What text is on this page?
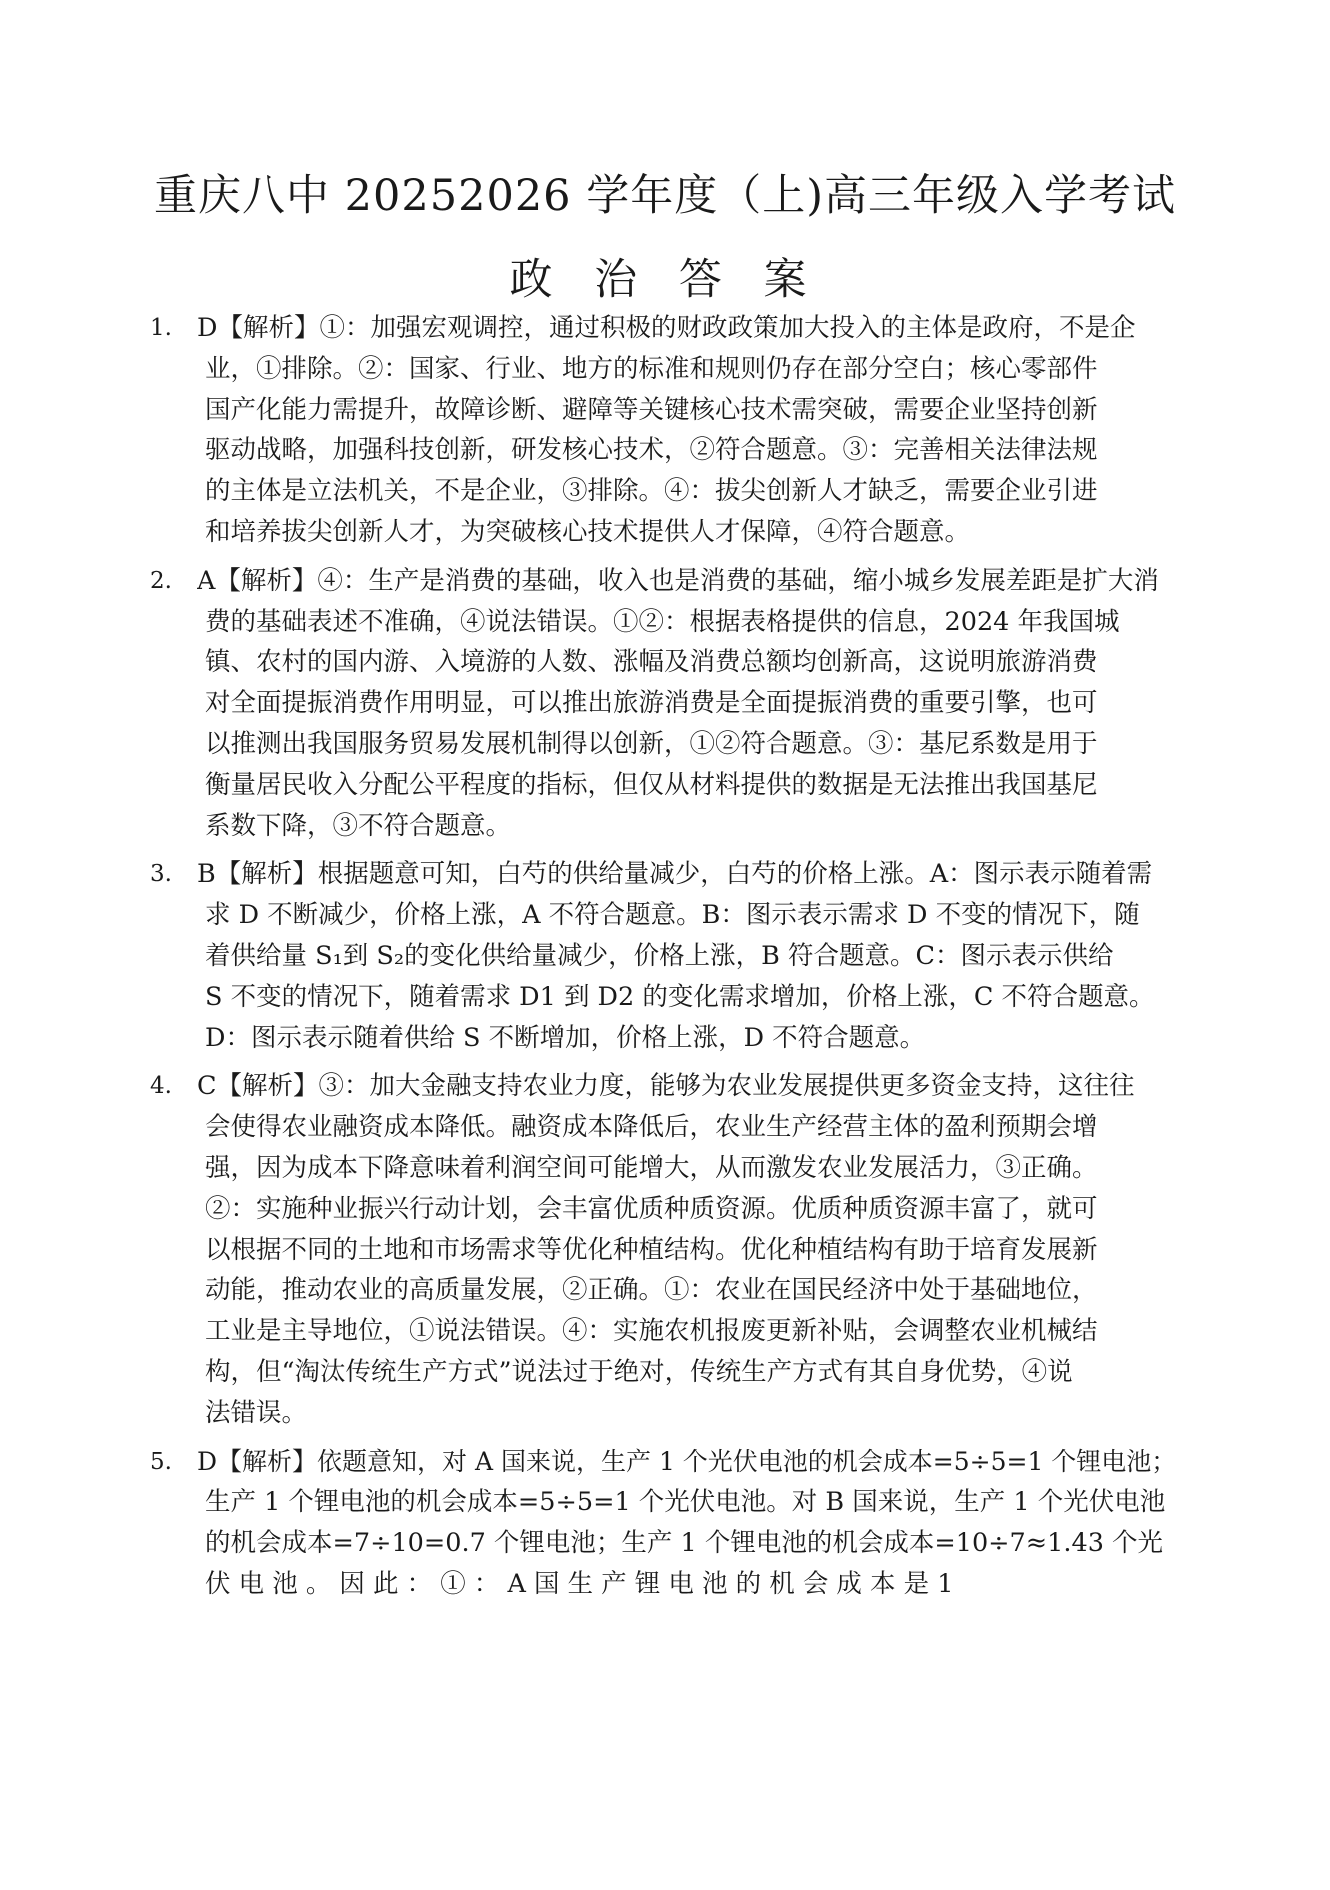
重庆八中 20252026 学年度（上)高三年级入学考试
政 治 答 案
1. D【解析】①：加强宏观调控，通过积极的财政政策加大投入的主体是政府，不是企
业，①排除。②：国家、行业、地方的标准和规则仍存在部分空白；核心零部件
国产化能力需提升，故障诊断、避障等关键核心技术需突破，需要企业坚持创新
驱动战略，加强科技创新，研发核心技术，②符合题意。③：完善相关法律法规
的主体是立法机关，不是企业，③排除。④：拔尖创新人才缺乏，需要企业引进
和培养拔尖创新人才，为突破核心技术提供人才保障，④符合题意。
2. A【解析】④：生产是消费的基础，收入也是消费的基础，缩小城乡发展差距是扩大消
费的基础表述不准确，④说法错误。①②：根据表格提供的信息，2024 年我国城
镇、农村的国内游、入境游的人数、涨幅及消费总额均创新高，这说明旅游消费
对全面提振消费作用明显，可以推出旅游消费是全面提振消费的重要引擎，也可
以推测出我国服务贸易发展机制得以创新，①②符合题意。③：基尼系数是用于
衡量居民收入分配公平程度的指标，但仅从材料提供的数据是无法推出我国基尼
系数下降，③不符合题意。
3. B【解析】根据题意可知，白芍的供给量减少，白芍的价格上涨。A：图示表示随着需
求 D 不断减少，价格上涨，A 不符合题意。B：图示表示需求 D 不变的情况下，随
着供给量 S₁到 S₂的变化供给量减少，价格上涨，B 符合题意。C：图示表示供给
S 不变的情况下，随着需求 D1 到 D2 的变化需求增加，价格上涨，C 不符合题意。
D：图示表示随着供给 S 不断增加，价格上涨，D 不符合题意。
4. C【解析】③：加大金融支持农业力度，能够为农业发展提供更多资金支持，这往往
会使得农业融资成本降低。融资成本降低后，农业生产经营主体的盈利预期会增
强，因为成本下降意味着利润空间可能增大，从而激发农业发展活力，③正确。
②：实施种业振兴行动计划，会丰富优质种质资源。优质种质资源丰富了，就可
以根据不同的土地和市场需求等优化种植结构。优化种植结构有助于培育发展新
动能，推动农业的高质量发展，②正确。①：农业在国民经济中处于基础地位，
工业是主导地位，①说法错误。④：实施农机报废更新补贴，会调整农业机械结
构，但“淘汰传统生产方式”说法过于绝对，传统生产方式有其自身优势，④说
法错误。
5. D【解析】依题意知，对 A 国来说，生产 1 个光伏电池的机会成本=5÷5=1 个锂电池；
生产 1 个锂电池的机会成本=5÷5=1 个光伏电池。对 B 国来说，生产 1 个光伏电池
的机会成本=7÷10=0.7 个锂电池；生产 1 个锂电池的机会成本=10÷7≈1.43 个光
伏 电 池 。 因 此 ： ① ： A 国 生 产 锂 电 池 的 机 会 成 本 是 1
